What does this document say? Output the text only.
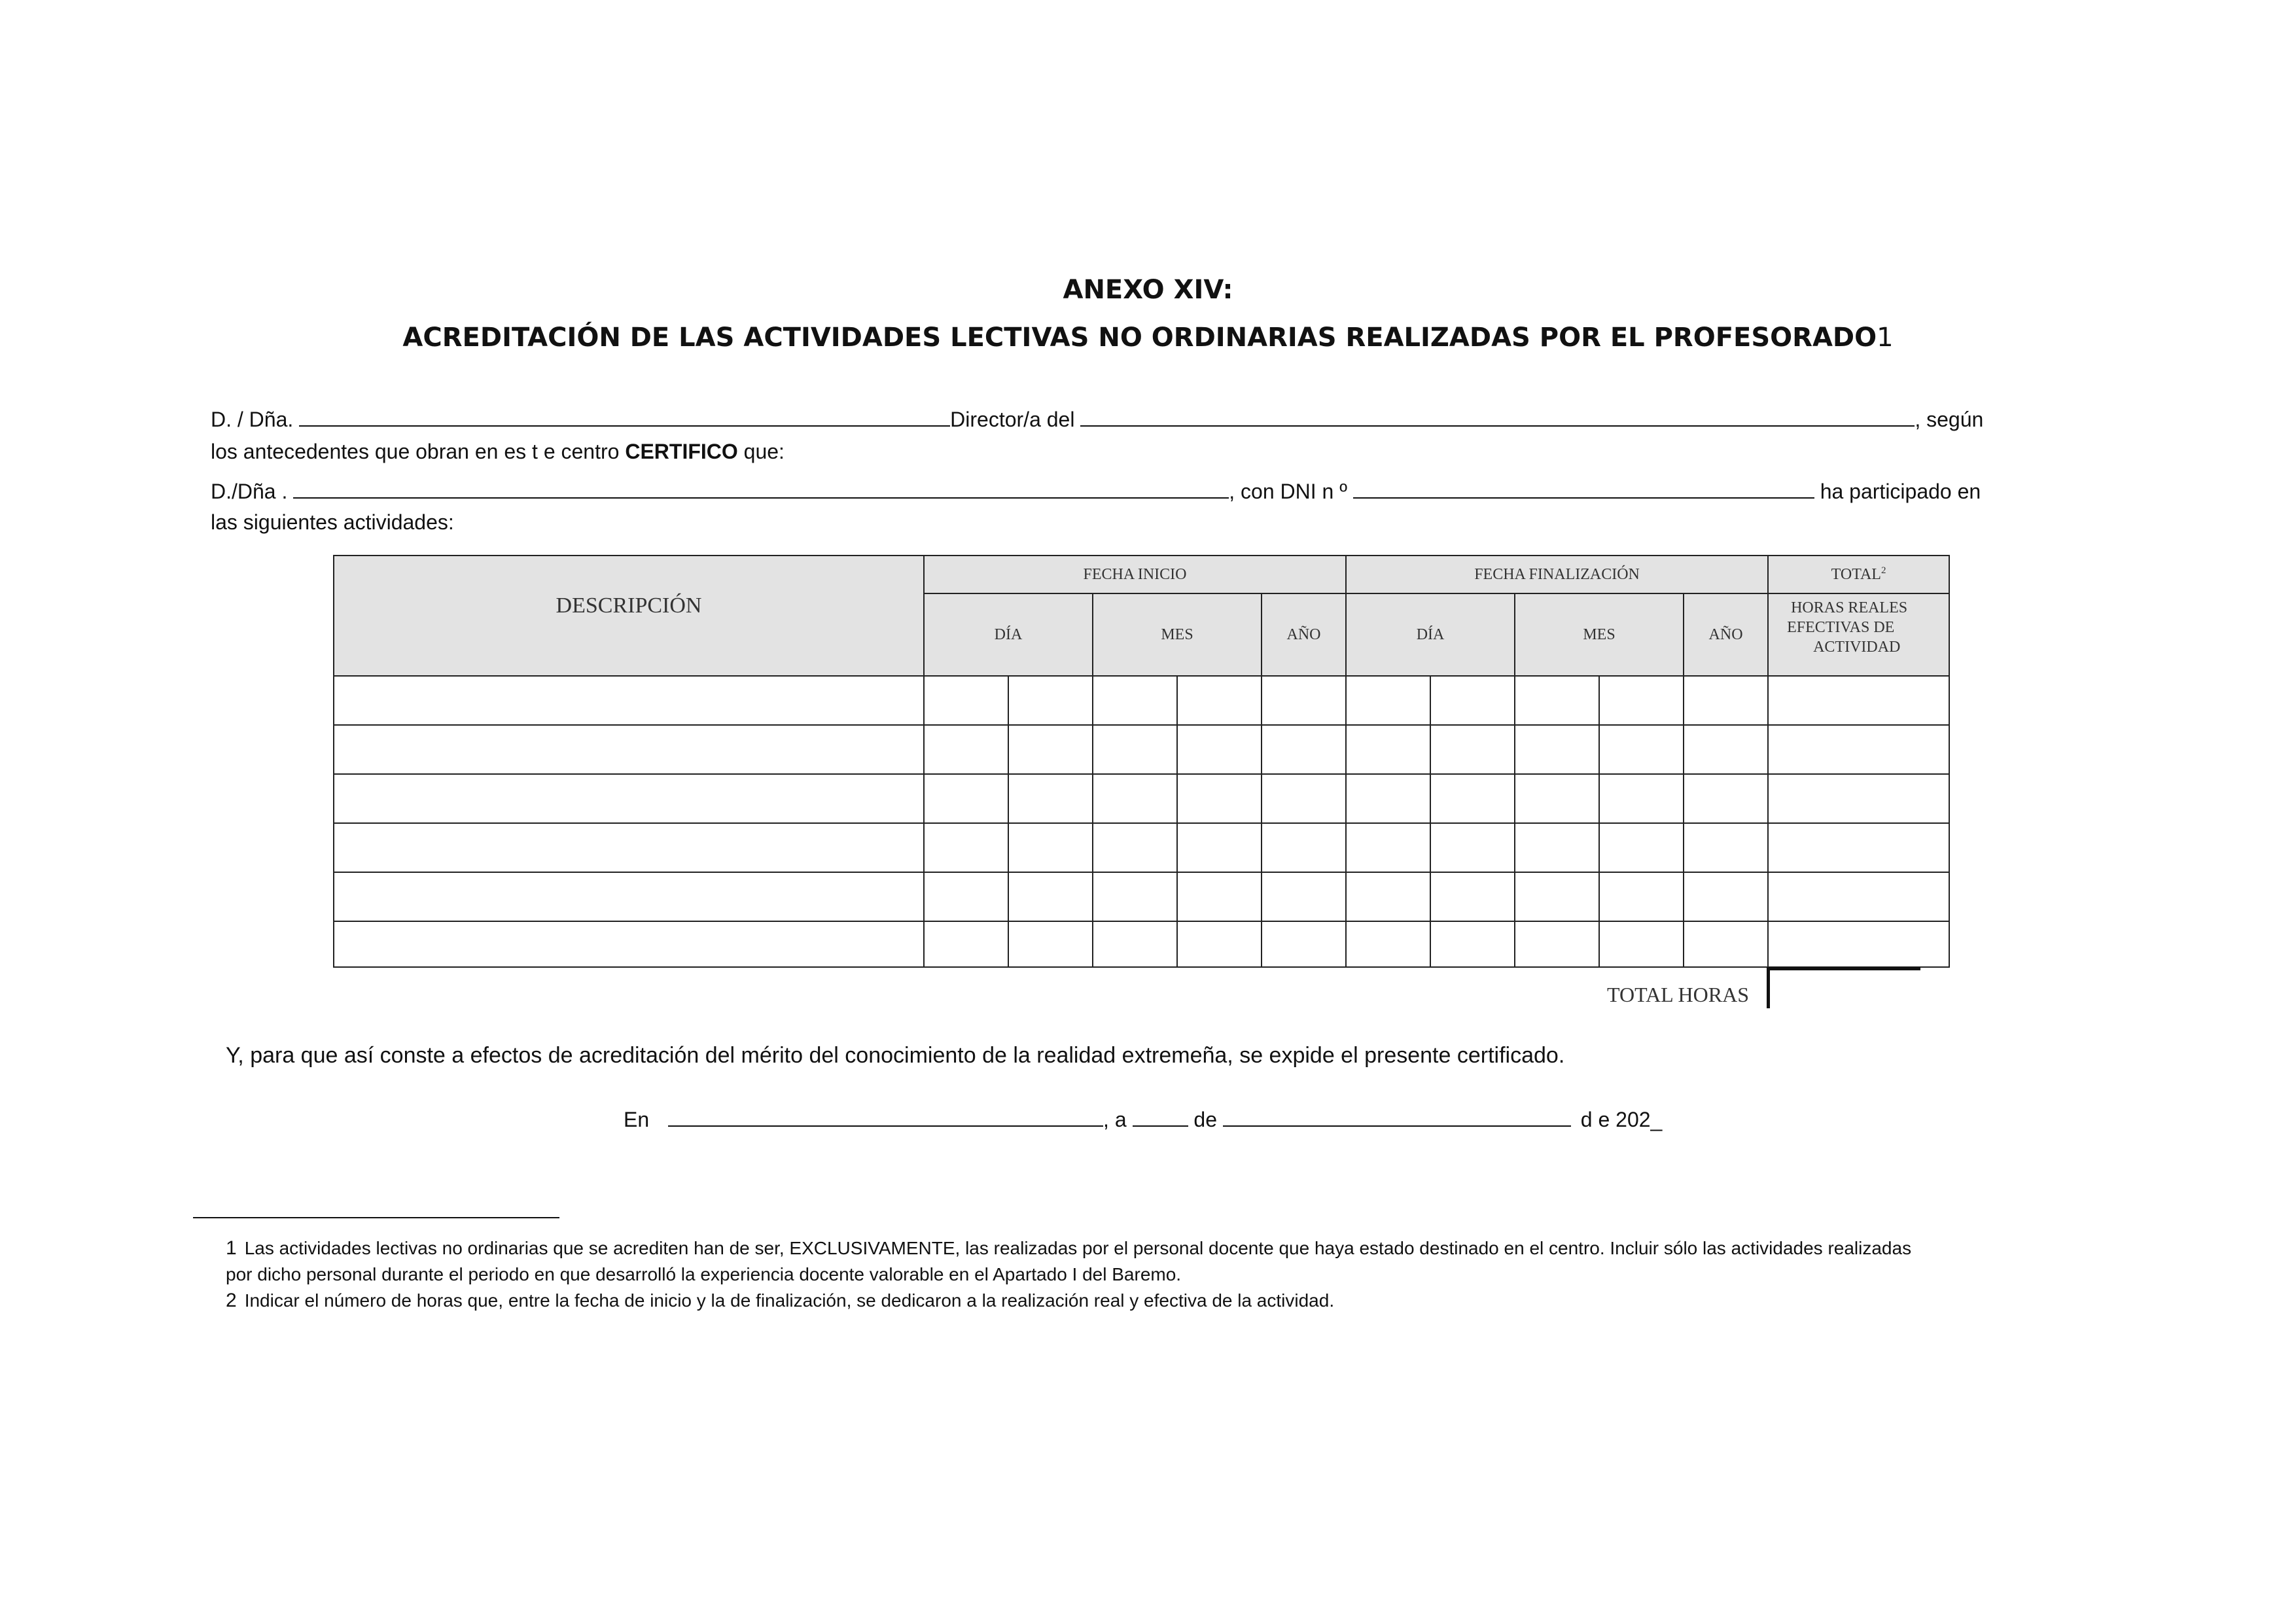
ANEXO XIV:
ACREDITACIÓN DE LAS ACTIVIDADES LECTIVAS NO ORDINARIAS REALIZADAS POR EL PROFESORADO1
D. / Dña.	Director/a del	, según
los antecedentes que obran en es t e centro CERTIFICO que:
D./Dña .	, con DNI n º	ha participado en
las siguientes actividades:
DESCRIPCIÓN	FECHA INICIO					FECHA FINALIZACIÓN					TOTAL$^2$
	DÍA		MES		AÑO	DÍA		MES		AÑO	HORAS REALES
EFECTIVAS DE
ACTIVIDAD

TOTAL HORAS
Y, para que así conste a efectos de acreditación del mérito del conocimiento de la realidad extremeña, se expide el presente certificado.
En	, a	de	d e 202_
1 Las actividades lectivas no ordinarias que se acrediten han de ser, EXCLUSIVAMENTE, las realizadas por el personal docente que haya estado destinado en el centro. Incluir sólo las actividades realizadas
por dicho personal durante el periodo en que desarrolló la experiencia docente valorable en el Apartado I del Baremo.
2 Indicar el número de horas que, entre la fecha de inicio y la de finalización, se dedicaron a la realización real y efectiva de la actividad.
